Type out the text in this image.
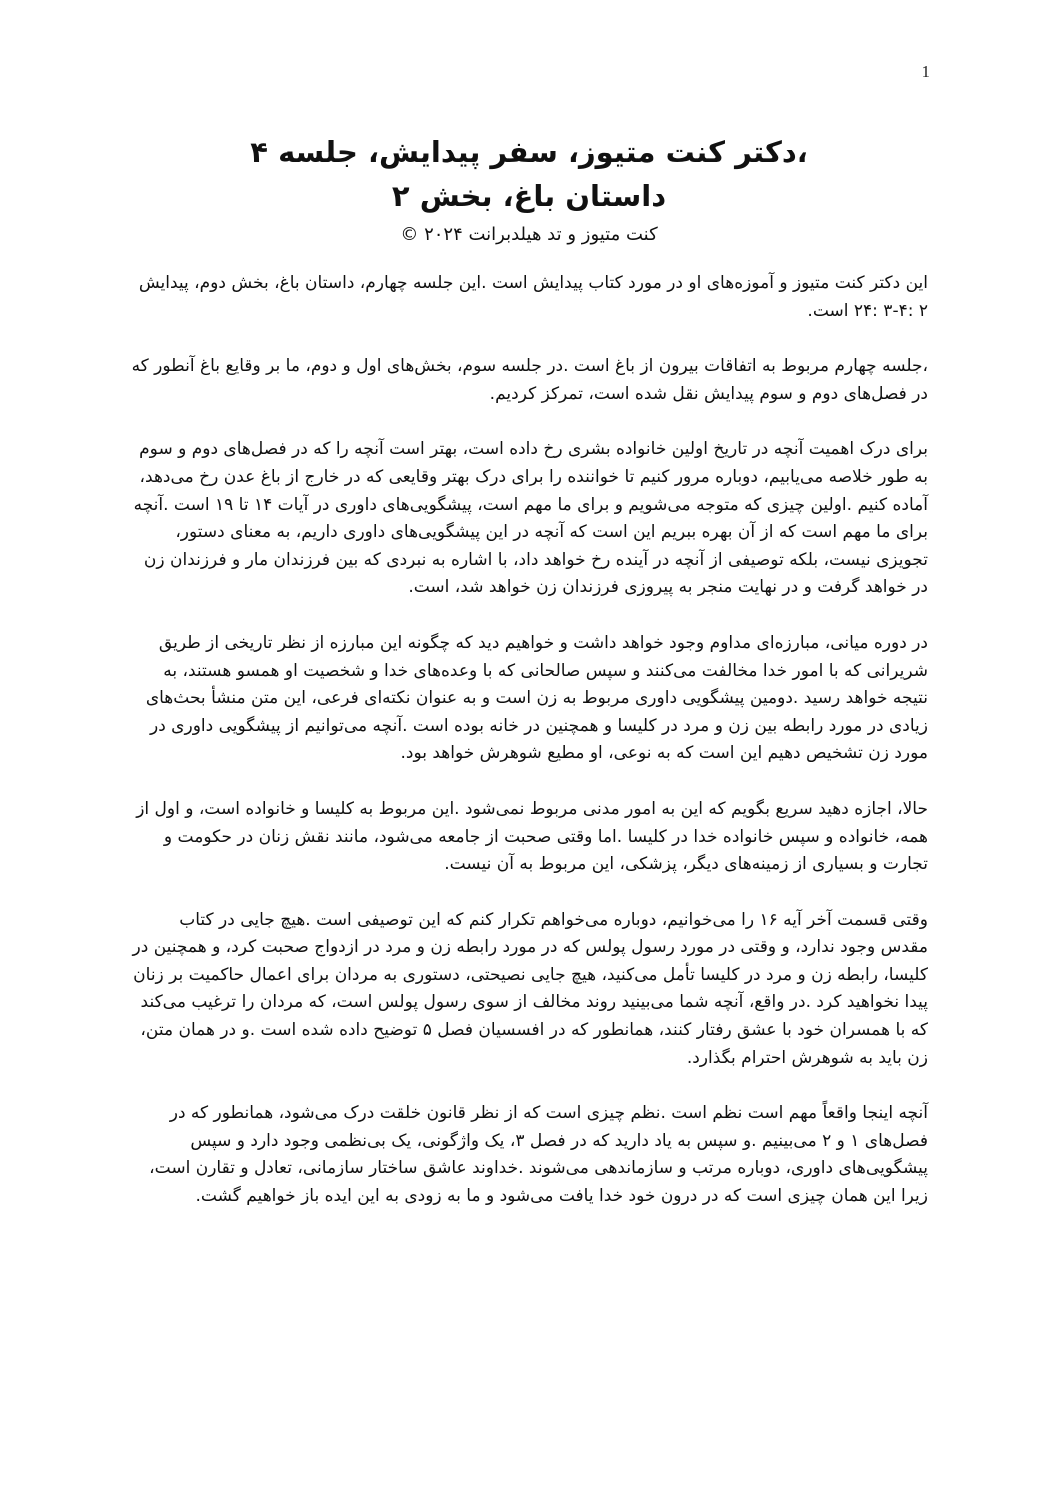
1
،دکتر کنت متیوز، سفر پیدایش، جلسه ۴
داستان باغ، بخش ۲
کنت متیوز و تد هیلدبرانت ۲۰۲۴ ©

این دکتر کنت متیوز و آموزه‌های او در مورد کتاب پیدایش است .این جلسه چهارم، داستان باغ، بخش دوم، پیدایش ۲ :۴-۳ :۲۴ است.

،جلسه چهارم مربوط به اتفاقات بیرون از باغ است .در جلسه سوم، بخش‌های اول و دوم، ما بر وقایع باغ آنطور که در فصل‌های دوم و سوم پیدایش نقل شده است، تمرکز کردیم.

برای درک اهمیت آنچه در تاریخ اولین خانواده بشری رخ داده است، بهتر است آنچه را که در فصل‌های دوم و سوم به طور خلاصه می‌یابیم، دوباره مرور کنیم تا خواننده را برای درک بهتر وقایعی که در خارج از باغ عدن رخ می‌دهد، آماده کنیم .اولین چیزی که متوجه می‌شویم و برای ما مهم است، پیشگویی‌های داوری در آیات ۱۴ تا ۱۹ است .آنچه برای ما مهم است که از آن بهره ببریم این است که آنچه در این پیشگویی‌های داوری داریم، به معنای دستور، تجویزی نیست، بلکه توصیفی از آنچه در آینده رخ خواهد داد، با اشاره به نبردی که بین فرزندان مار و فرزندان زن در خواهد گرفت و در نهایت منجر به پیروزی فرزندان زن خواهد شد، است.

در دوره میانی، مبارزه‌ای مداوم وجود خواهد داشت و خواهیم دید که چگونه این مبارزه از نظر تاریخی از طریق شریرانی که با امور خدا مخالفت می‌کنند و سپس صالحانی که با وعده‌های خدا و شخصیت او همسو هستند، به نتیجه خواهد رسید .دومین پیشگویی داوری مربوط به زن است و به عنوان نکته‌ای فرعی، این متن منشأ بحث‌های زیادی در مورد رابطه بین زن و مرد در کلیسا و همچنین در خانه بوده است .آنچه می‌توانیم از پیشگویی داوری در مورد زن تشخیص دهیم این است که به نوعی، او مطیع شوهرش خواهد بود.

حالا، اجازه دهید سریع بگویم که این به امور مدنی مربوط نمی‌شود .این مربوط به کلیسا و خانواده است، و اول از همه، خانواده و سپس خانواده خدا در کلیسا .اما وقتی صحبت از جامعه می‌شود، مانند نقش زنان در حکومت و تجارت و بسیاری از زمینه‌های دیگر، پزشکی، این مربوط به آن نیست.

وقتی قسمت آخر آیه ۱۶ را می‌خوانیم، دوباره می‌خواهم تکرار کنم که این توصیفی است .هیچ جایی در کتاب مقدس وجود ندارد، و وقتی در مورد رسول پولس که در مورد رابطه زن و مرد در ازدواج صحبت کرد، و همچنین در کلیسا، رابطه زن و مرد در کلیسا تأمل می‌کنید، هیچ جایی نصیحتی، دستوری به مردان برای اعمال حاکمیت بر زنان پیدا نخواهید کرد .در واقع، آنچه شما می‌بینید روند مخالف از سوی رسول پولس است، که مردان را ترغیب می‌کند که با همسران خود با عشق رفتار کنند، همانطور که در افسسیان فصل ۵ توضیح داده شده است .و در همان متن، زن باید به شوهرش احترام بگذارد.

آنچه اینجا واقعاً مهم است نظم است .نظم چیزی است که از نظر قانون خلقت درک می‌شود، همانطور که در فصل‌های ۱ و ۲ می‌بینیم .و سپس به یاد دارید که در فصل ۳، یک واژگونی، یک بی‌نظمی وجود دارد و سپس پیشگویی‌های داوری، دوباره مرتب و سازماندهی می‌شوند .خداوند عاشق ساختار سازمانی، تعادل و تقارن است، زیرا این همان چیزی است که در درون خود خدا یافت می‌شود و ما به زودی به این ایده باز خواهیم گشت.
